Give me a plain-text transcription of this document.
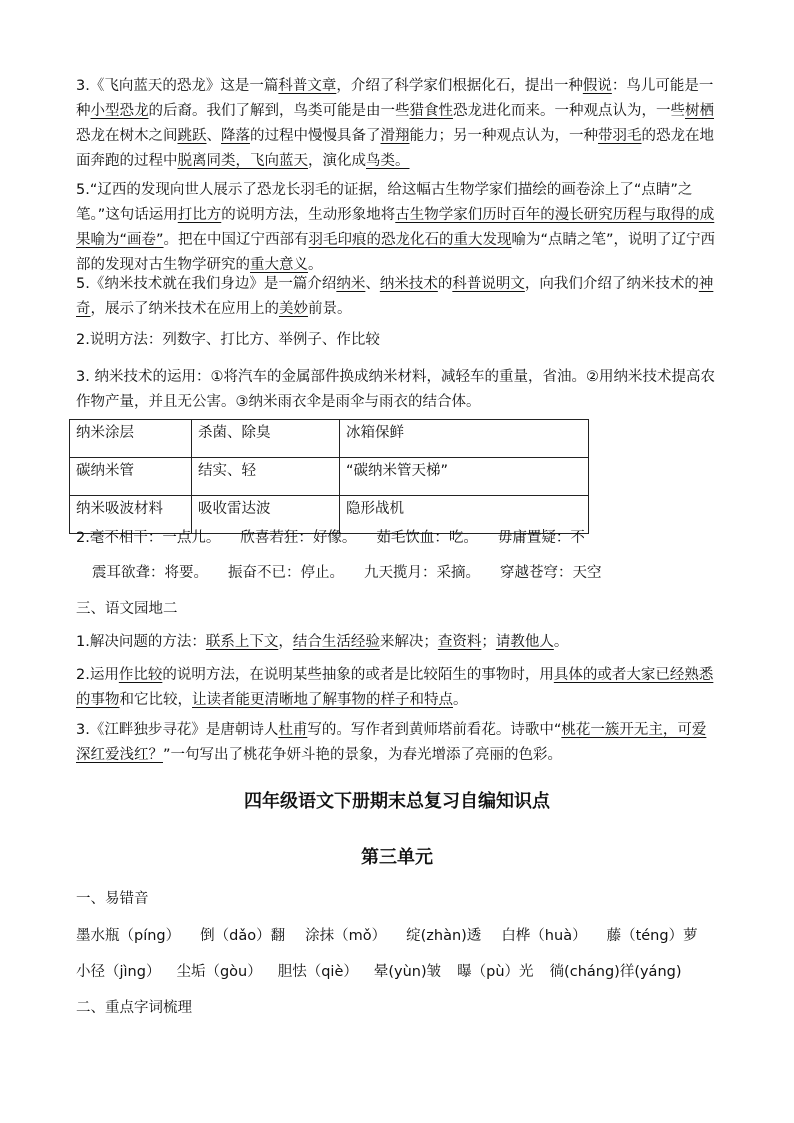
3.《飞向蓝天的恐龙》这是一篇科普文章，介绍了科学家们根据化石，提出一种假说：鸟儿可能是一种小型恐龙的后裔。我们了解到，鸟类可能是由一些猎食性恐龙进化而来。一种观点认为，一些树栖恐龙在树木之间跳跃、降落的过程中慢慢具备了滑翔能力；另一种观点认为，一种带羽毛的恐龙在地面奔跑的过程中脱离同类，飞向蓝天，演化成鸟类。

5.“辽西的发现向世人展示了恐龙长羽毛的证据，给这幅古生物学家们描绘的画卷涂上了“点睛”之笔。”这句话运用打比方的说明方法，生动形象地将古生物学家们历时百年的漫长研究历程与取得的成果喻为“画卷”。把在中国辽宁西部有羽毛印痕的恐龙化石的重大发现喻为“点睛之笔”，说明了辽宁西部的发现对古生物学研究的重大意义。

5.《纳米技术就在我们身边》是一篇介绍纳米、纳米技术的科普说明文，向我们介绍了纳米技术的神奇，展示了纳米技术在应用上的美妙前景。

2.说明方法：列数字、打比方、举例子、作比较

3. 纳米技术的运用：①将汽车的金属部件换成纳米材料，减轻车的重量，省油。②用纳米技术提高农作物产量，并且无公害。③纳米雨衣伞是雨伞与雨衣的结合体。

纳米涂层	杀菌、除臭	冰箱保鲜
碳纳米管	结实、轻	“碳纳米管天梯”
纳米吸波材料	吸收雷达波	隐形战机
2.毫不相干：一点儿。 欣喜若狂：好像。 茹毛饮血：吃。 毋庸置疑：不
震耳欲聋：将要。 振奋不已：停止。 九天揽月：采摘。 穿越苍穹：天空

三、语文园地二

1.解决问题的方法：联系上下文，结合生活经验来解决；查资料；请教他人。

2.运用作比较的说明方法，在说明某些抽象的或者是比较陌生的事物时，用具体的或者大家已经熟悉的事物和它比较，让读者能更清晰地了解事物的样子和特点。

3.《江畔独步寻花》是唐朝诗人杜甫写的。写作者到黄师塔前看花。诗歌中“桃花一簇开无主，可爱深红爱浅红？”一句写出了桃花争妍斗艳的景象，为春光增添了亮丽的色彩。

四年级语文下册期末总复习自编知识点
第三单元

一、易错音

墨水瓶（píng） 倒（dǎo）翻 涂抹（mǒ） 绽(zhàn)透 白桦（huà） 藤（téng）萝
小径（jìng） 尘垢（gòu） 胆怯（qiè） 晕(yùn)皱 曝（pù）光 徜(cháng)徉(yáng)

二、重点字词梳理
